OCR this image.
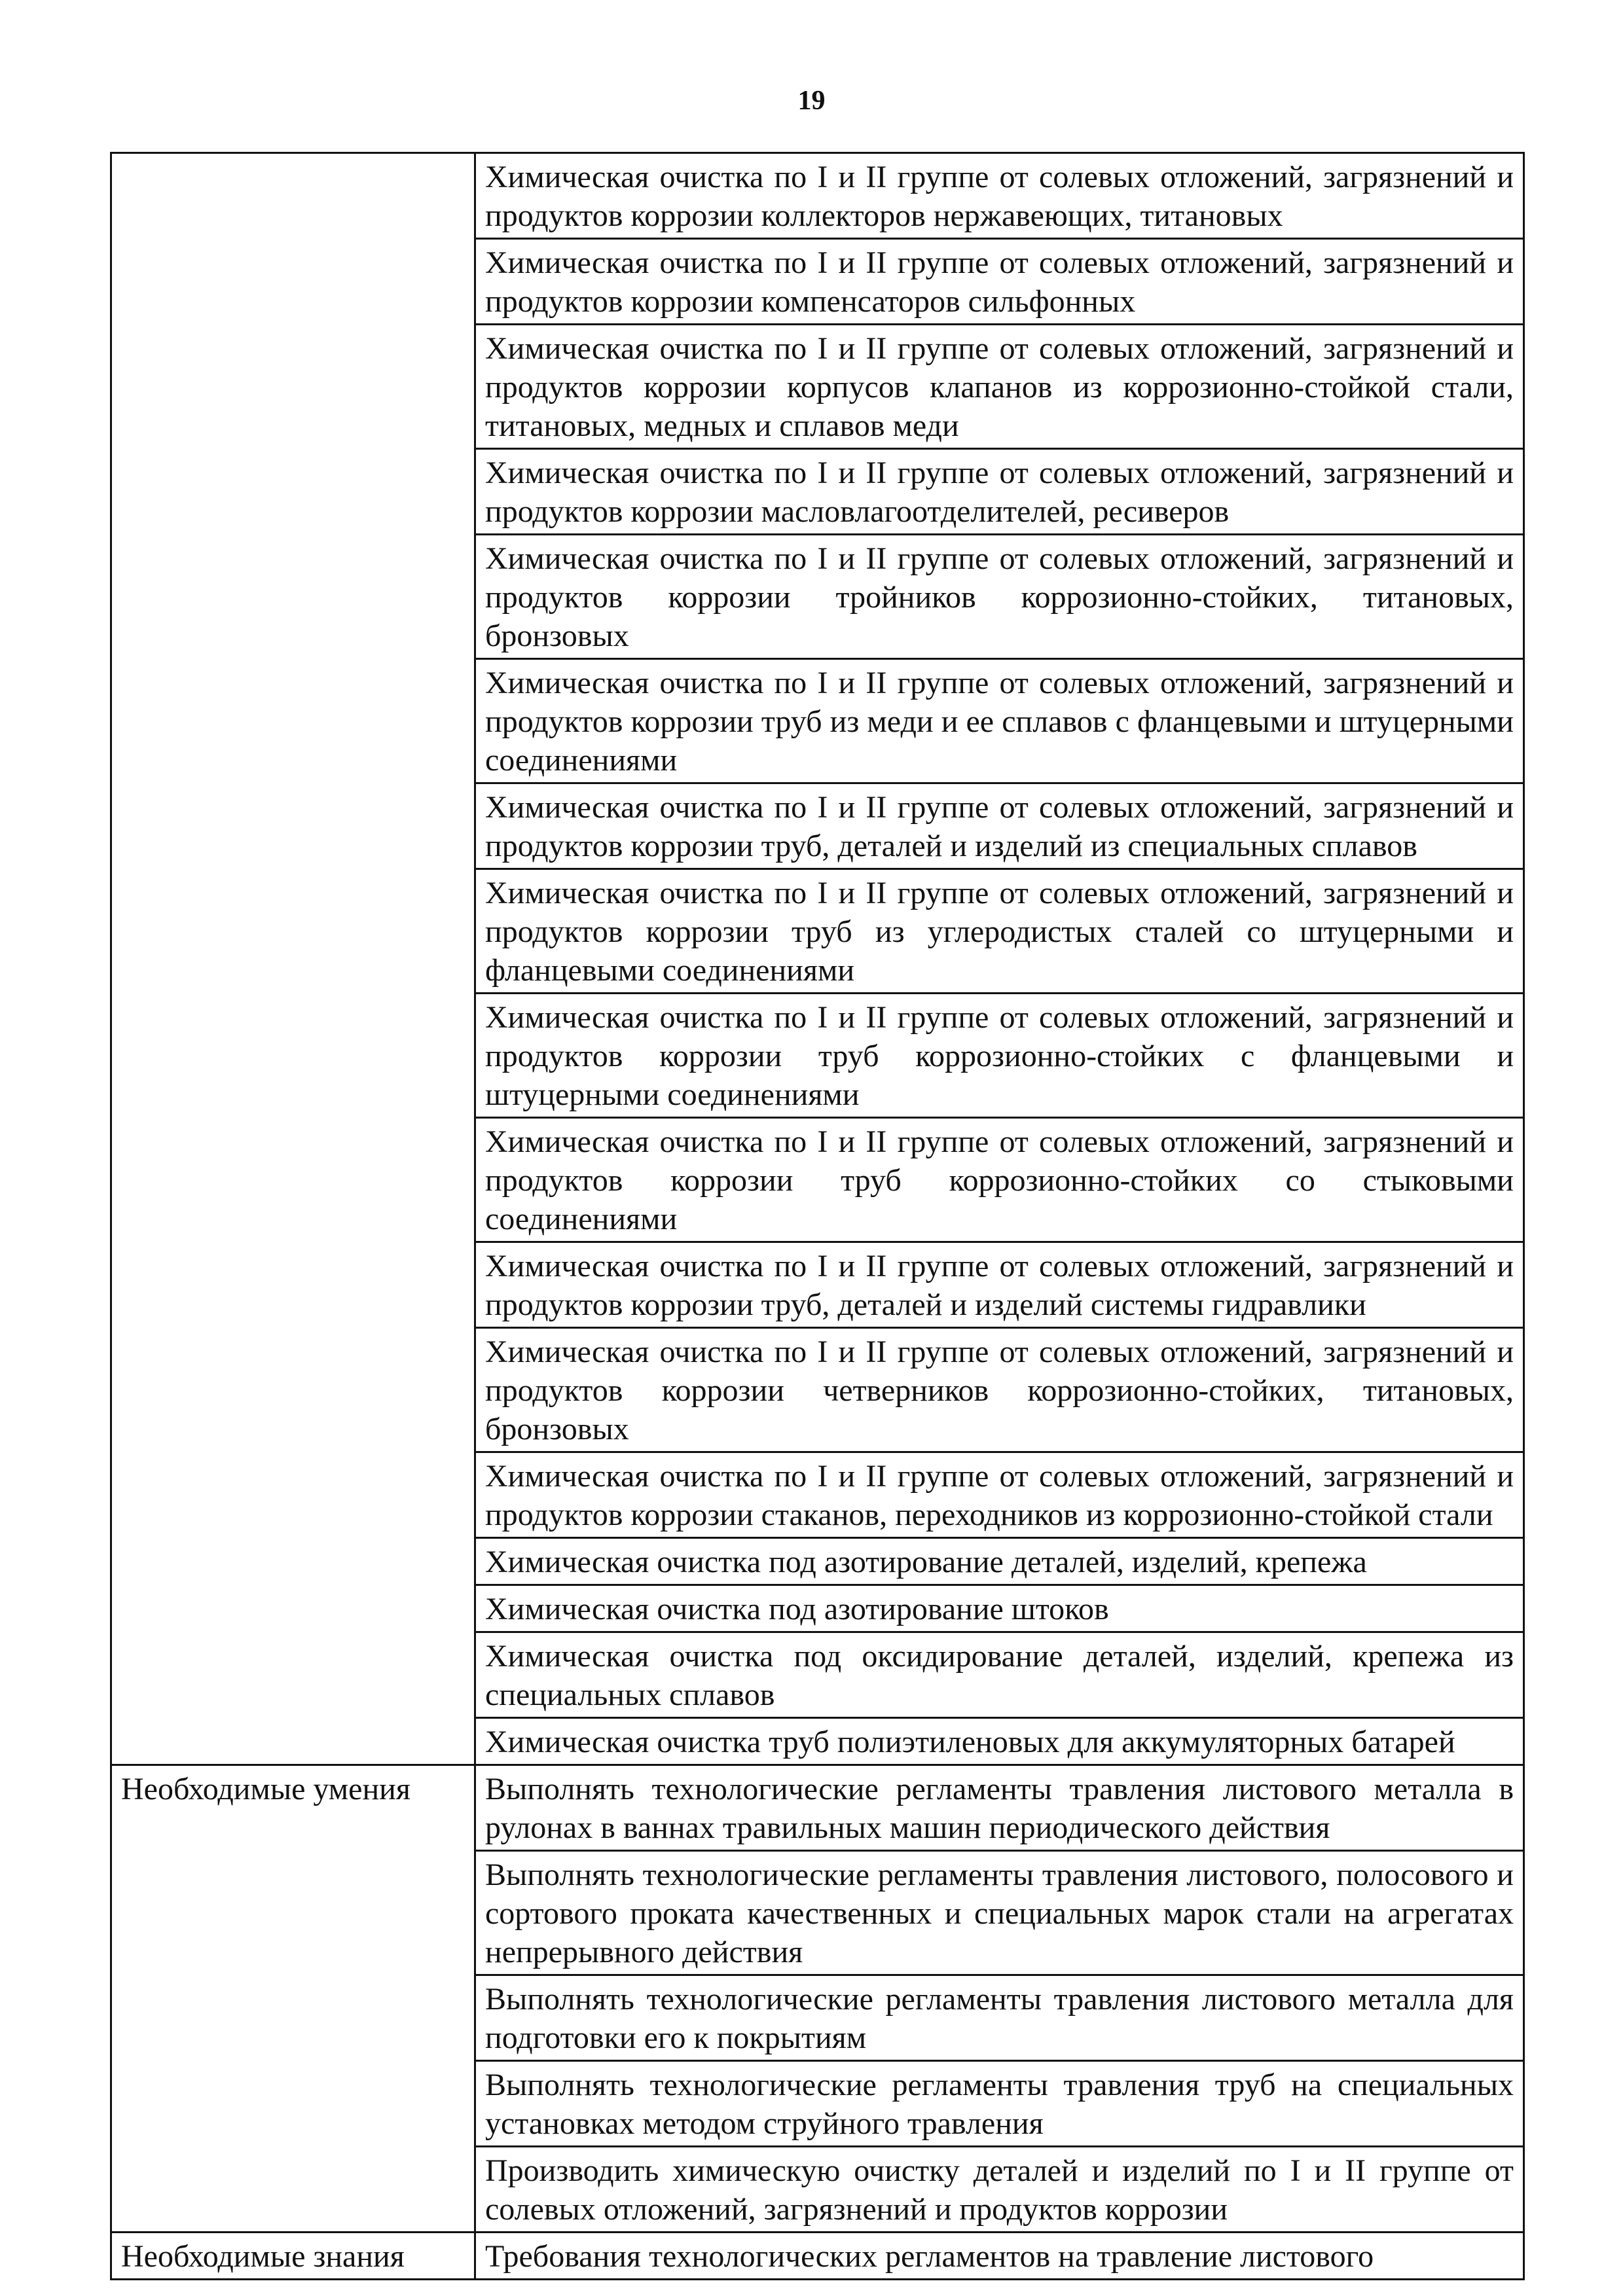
19
	Химическая очистка по I и II группе от солевых отложений, загрязнений и продуктов коррозии коллекторов нержавеющих, титановых
	Химическая очистка по I и II группе от солевых отложений, загрязнений и продуктов коррозии компенсаторов сильфонных
	Химическая очистка по I и II группе от солевых отложений, загрязнений и продуктов коррозии корпусов клапанов из коррозионно-стойкой стали, титановых, медных и сплавов меди
	Химическая очистка по I и II группе от солевых отложений, загрязнений и продуктов коррозии масловлагоотделителей, ресиверов
	Химическая очистка по I и II группе от солевых отложений, загрязнений и продуктов коррозии тройников коррозионно-стойких, титановых, бронзовых
	Химическая очистка по I и II группе от солевых отложений, загрязнений и продуктов коррозии труб из меди и ее сплавов с фланцевыми и штуцерными соединениями
	Химическая очистка по I и II группе от солевых отложений, загрязнений и продуктов коррозии труб, деталей и изделий из специальных сплавов
	Химическая очистка по I и II группе от солевых отложений, загрязнений и продуктов коррозии труб из углеродистых сталей со штуцерными и фланцевыми соединениями
	Химическая очистка по I и II группе от солевых отложений, загрязнений и продуктов коррозии труб коррозионно-стойких с фланцевыми и штуцерными соединениями
	Химическая очистка по I и II группе от солевых отложений, загрязнений и продуктов коррозии труб коррозионно-стойких со стыковыми соединениями
	Химическая очистка по I и II группе от солевых отложений, загрязнений и продуктов коррозии труб, деталей и изделий системы гидравлики
	Химическая очистка по I и II группе от солевых отложений, загрязнений и продуктов коррозии четверников коррозионно-стойких, титановых, бронзовых
	Химическая очистка по I и II группе от солевых отложений, загрязнений и продуктов коррозии стаканов, переходников из коррозионно-стойкой стали
	Химическая очистка под азотирование деталей, изделий, крепежа
	Химическая очистка под азотирование штоков
	Химическая очистка под оксидирование деталей, изделий, крепежа из специальных сплавов
	Химическая очистка труб полиэтиленовых для аккумуляторных батарей

Необходимые умения	Выполнять технологические регламенты травления листового металла в рулонах в ваннах травильных машин периодического действия
	Выполнять технологические регламенты травления листового, полосового и сортового проката качественных и специальных марок стали на агрегатах непрерывного действия
	Выполнять технологические регламенты травления листового металла для подготовки его к покрытиям
	Выполнять технологические регламенты травления труб на специальных установках методом струйного травления
	Производить химическую очистку деталей и изделий по I и II группе от солевых отложений, загрязнений и продуктов коррозии

Необходимые знания	Требования технологических регламентов на травление листового
